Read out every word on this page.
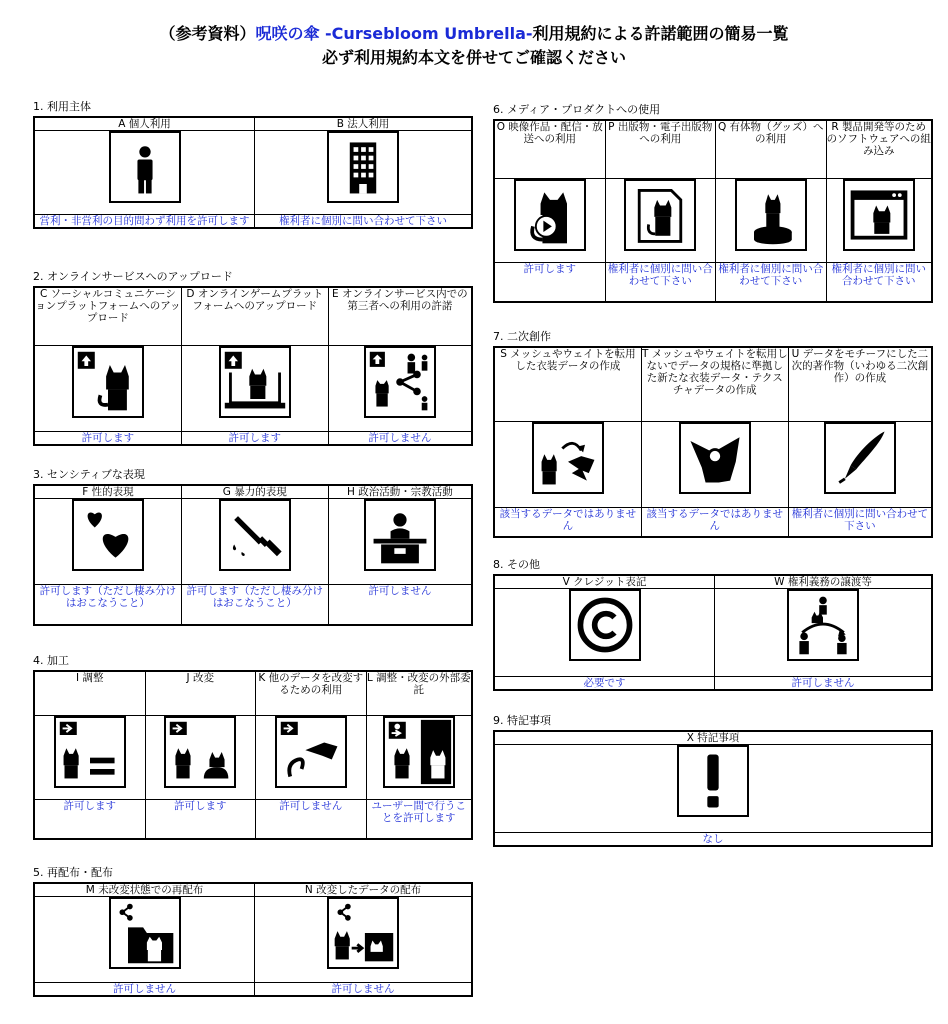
（参考資料）呪咲の傘 -Cursebloom Umbrella-利用規約による許諾範囲の簡易一覧
必ず利用規約本文を併せてご確認ください
1. 利用主体
A 個人利用	B 法人利用

営利・非営利の目的問わず利用を許可します	権利者に個別に問い合わせて下さい
2. オンラインサービスへのアップロード
C ソーシャルコミュニケーションプラットフォームへのアップロード	D オンラインゲームプラットフォームへのアップロード	E オンラインサービス内での第三者への利用の許諾

許可します	許可します	許可しません
3. センシティブな表現
F 性的表現	G 暴力的表現	H 政治活動・宗教活動

許可します（ただし棲み分けはおこなうこと）	許可します（ただし棲み分けはおこなうこと）	許可しません
4. 加工
I 調整	J 改変	K 他のデータを改変するための利用	L 調整・改変の外部委託

許可します	許可します	許可しません	ユーザー間で行うことを許可します
5. 再配布・配布
M 未改変状態での再配布	N 改変したデータの配布

許可しません	許可しません
6. メディア・プロダクトへの使用
O 映像作品・配信・放送への利用	P 出版物・電子出版物への利用	Q 有体物（グッズ）への利用	R 製品開発等のためのソフトウェアへの組み込み

許可します	権利者に個別に問い合わせて下さい	権利者に個別に問い合わせて下さい	権利者に個別に問い合わせて下さい
7. 二次創作
S メッシュやウェイトを転用した衣装データの作成	T メッシュやウェイトを転用しないでデータの規格に準拠した新たな衣装データ・テクスチャデータの作成	U データをモチーフにした二次的著作物（いわゆる二次創作）の作成

該当するデータではありません	該当するデータではありません	権利者に個別に問い合わせて下さい
8. その他
V クレジット表記	W 権利義務の譲渡等

必要です	許可しません
9. 特記事項
X 特記事項

なし
